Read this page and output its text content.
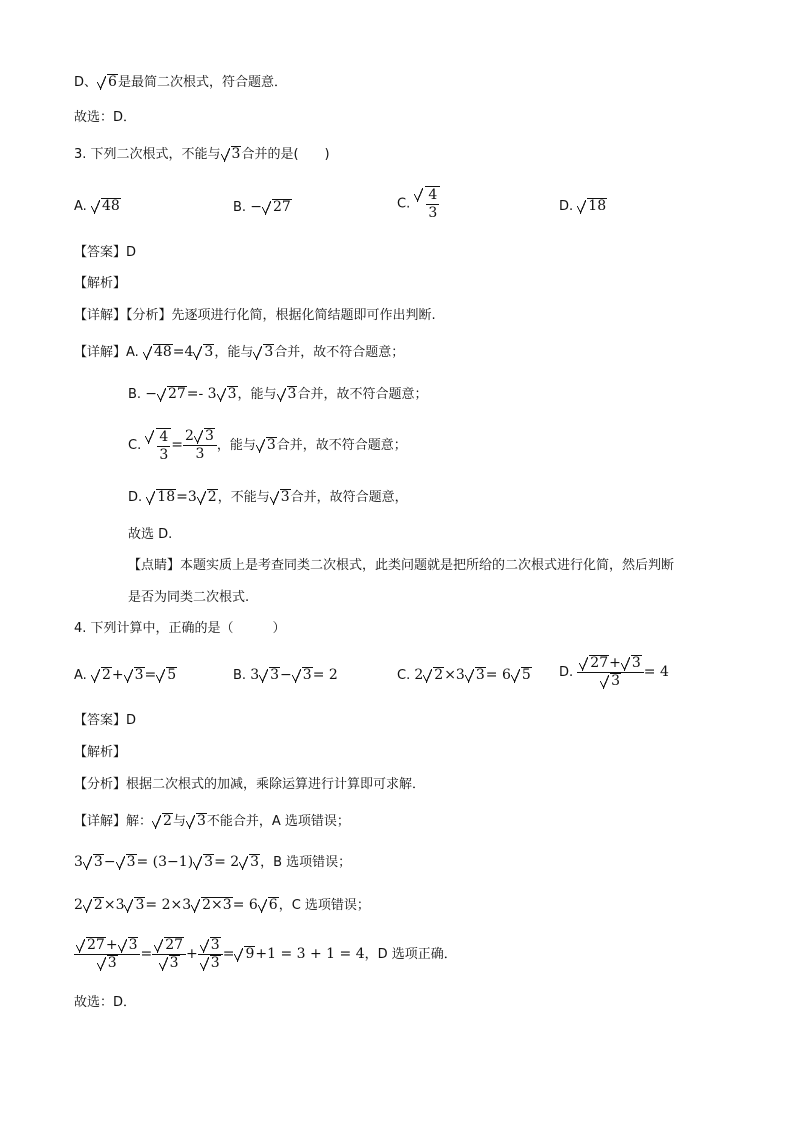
D、 6是最简二次根式，符合题意．
故选：D．
3. 下列二次根式，不能与 3合并的是(　　)
A. 48	B. − 27	C. $\frac{4}{3}$	D. 18
【答案】D
【解析】
【详解】【分析】先逐项进行化简，根据化简结题即可作出判断.
【详解】A. 48=4 3，能与 3合并，故不符合题意；
B. − 27=- 3 3，能与 3合并，故不符合题意；
C. $\frac{4}{3} = \frac{2 3}{3}$ ，能与 3合并，故不符合题意；
D. 18=3 2，不能与 3合并，故符合题意，
故选 D.
【点睛】本题实质上是考查同类二次根式，此类问题就是把所给的二次根式进行化简，然后判断
是否为同类二次根式.
4. 下列计算中，正确的是（　　　）
A. 2+ 3= 5	B. 3 3− 3= 2	C. 2 2×3 3= 6 5 D. $\frac{27+ 3}{3} = 4$
【答案】D
【解析】
【分析】根据二次根式的加减，乘除运算进行计算即可求解．
【详解】解： 2与 3不能合并，A 选项错误；
3 3− 3= (3−1) 3= 2 3，B 选项错误；
2 2×3 3= 2×3 2×3= 6 6，C 选项错误；
$\frac{27+ 3}{3} = \frac{27}{3} + \frac{3}{3} = 9+1 = 3 + 1 = 4$，D 选项正确．
故选：D．
